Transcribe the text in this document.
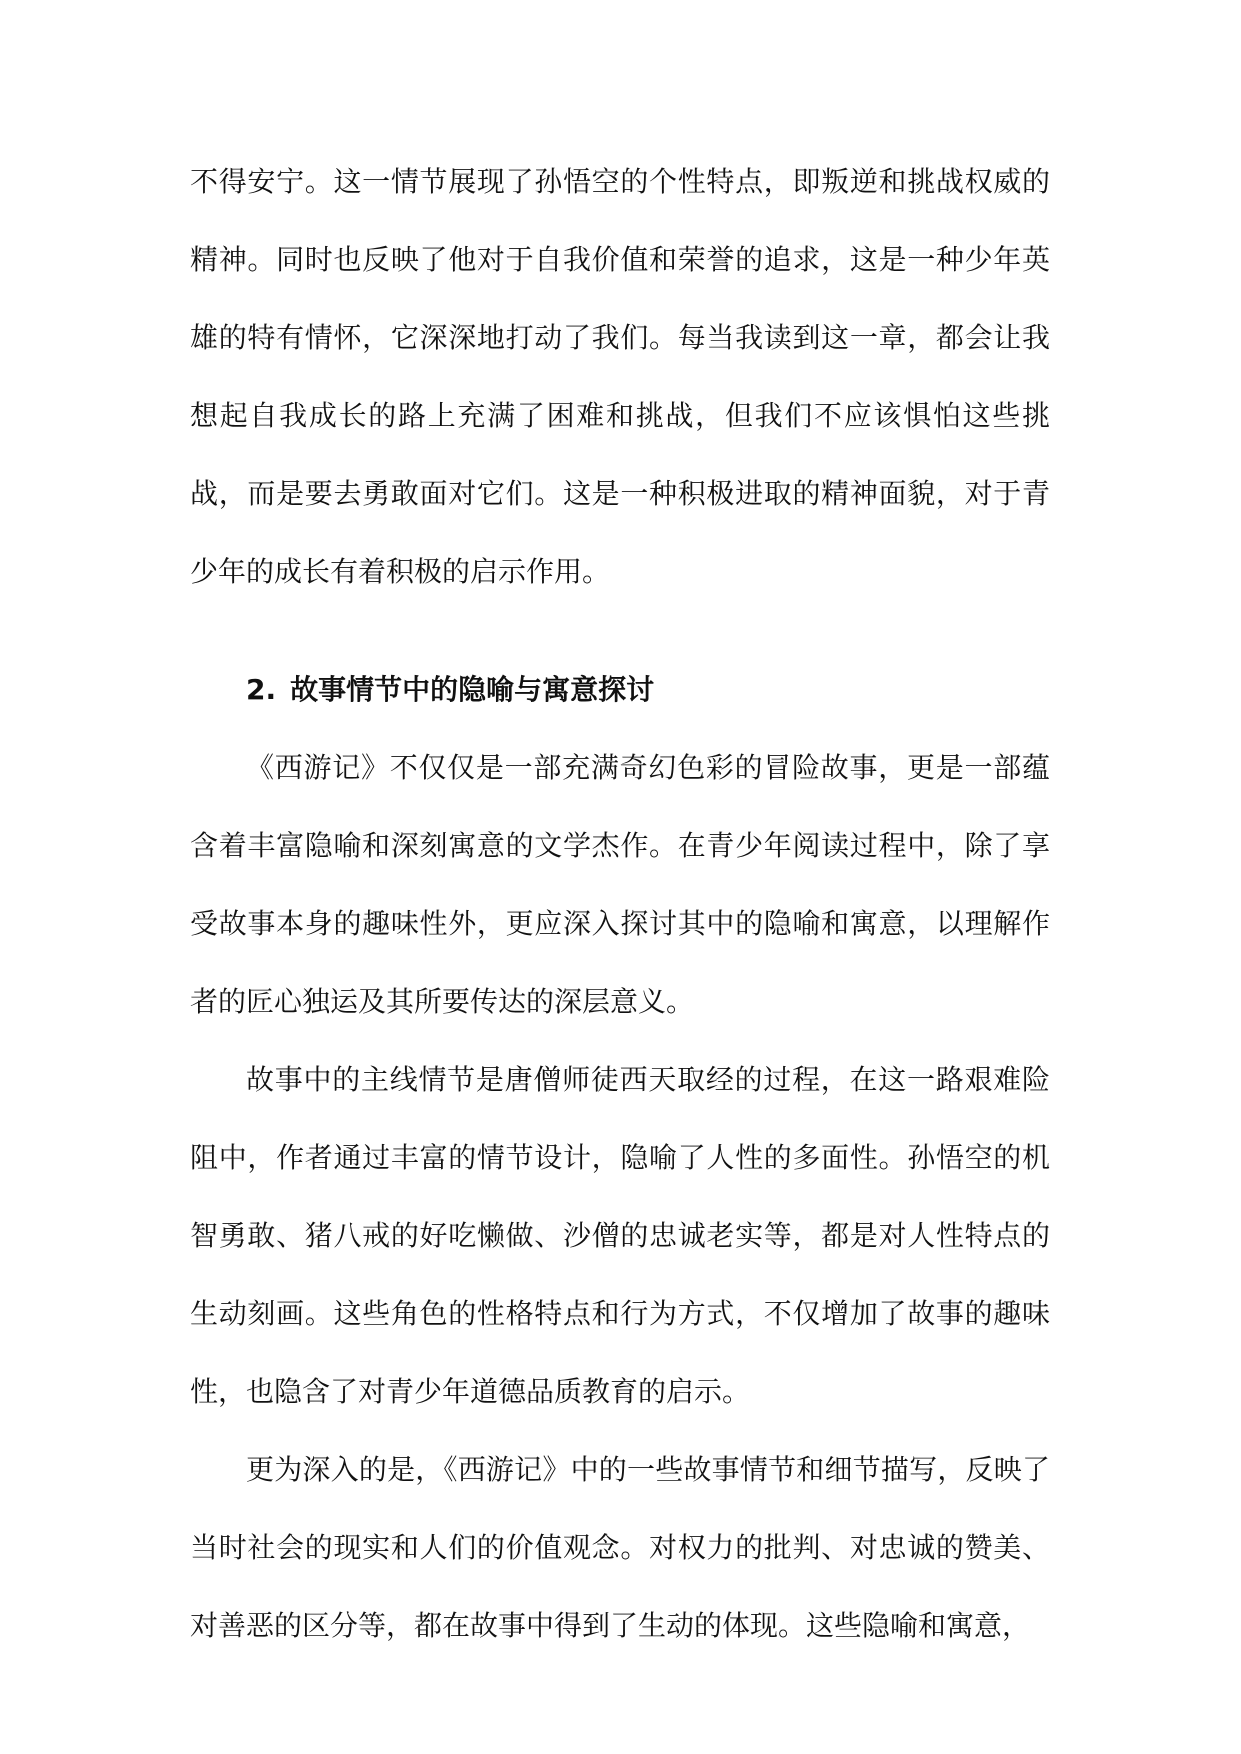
不得安宁。这一情节展现了孙悟空的个性特点，即叛逆和挑战权威的精神。同时也反映了他对于自我价值和荣誉的追求，这是一种少年英雄的特有情怀，它深深地打动了我们。每当我读到这一章，都会让我想起自我成长的路上充满了困难和挑战，但我们不应该惧怕这些挑战，而是要去勇敢面对它们。这是一种积极进取的精神面貌，对于青少年的成长有着积极的启示作用。

2. 故事情节中的隐喻与寓意探讨

《西游记》不仅仅是一部充满奇幻色彩的冒险故事，更是一部蕴含着丰富隐喻和深刻寓意的文学杰作。在青少年阅读过程中，除了享受故事本身的趣味性外，更应深入探讨其中的隐喻和寓意，以理解作者的匠心独运及其所要传达的深层意义。

故事中的主线情节是唐僧师徒西天取经的过程，在这一路艰难险阻中，作者通过丰富的情节设计，隐喻了人性的多面性。孙悟空的机智勇敢、猪八戒的好吃懒做、沙僧的忠诚老实等，都是对人性特点的生动刻画。这些角色的性格特点和行为方式，不仅增加了故事的趣味性，也隐含了对青少年道德品质教育的启示。

更为深入的是，《西游记》中的一些故事情节和细节描写，反映了当时社会的现实和人们的价值观念。对权力的批判、对忠诚的赞美、对善恶的区分等，都在故事中得到了生动的体现。这些隐喻和寓意，
